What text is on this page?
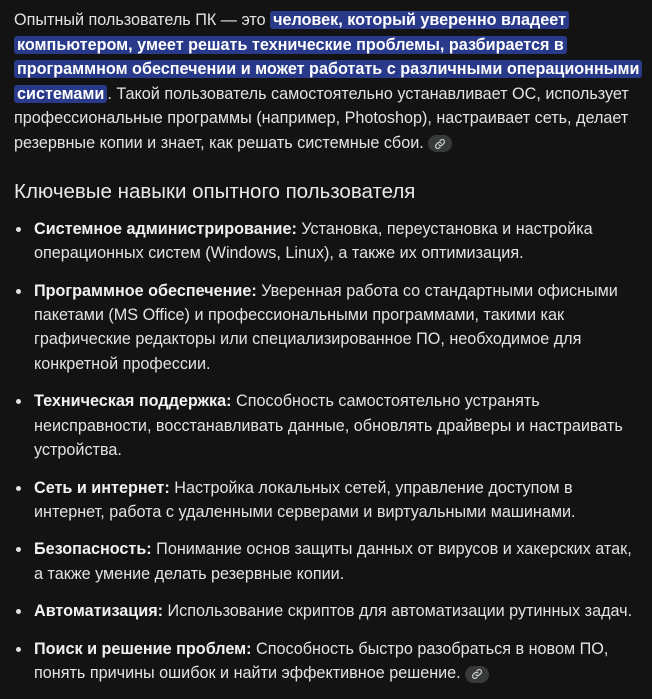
Опытный пользователь ПК — это человек, который уверенно владеет компьютером, умеет решать технические проблемы, разбирается в программном обеспечении и может работать с различными операционными системами . Такой пользователь самостоятельно устанавливает ОС, использует профессиональные программы (например, Photoshop), настраивает сеть, делает резервные копии и знает, как решать системные сбои.

Ключевые навыки опытного пользователя
Системное администрирование: Установка, переустановка и настройка операционных систем (Windows, Linux), а также их оптимизация.
Программное обеспечение: Уверенная работа со стандартными офисными пакетами (MS Office) и профессиональными программами, такими как графические редакторы или специализированное ПО, необходимое для конкретной профессии.
Техническая поддержка: Способность самостоятельно устранять неисправности, восстанавливать данные, обновлять драйверы и настраивать устройства.
Сеть и интернет: Настройка локальных сетей, управление доступом в интернет, работа с удаленными серверами и виртуальными машинами.
Безопасность: Понимание основ защиты данных от вирусов и хакерских атак, а также умение делать резервные копии.
Автоматизация: Использование скриптов для автоматизации рутинных задач.
Поиск и решение проблем: Способность быстро разобраться в новом ПО, понять причины ошибок и найти эффективное решение.
